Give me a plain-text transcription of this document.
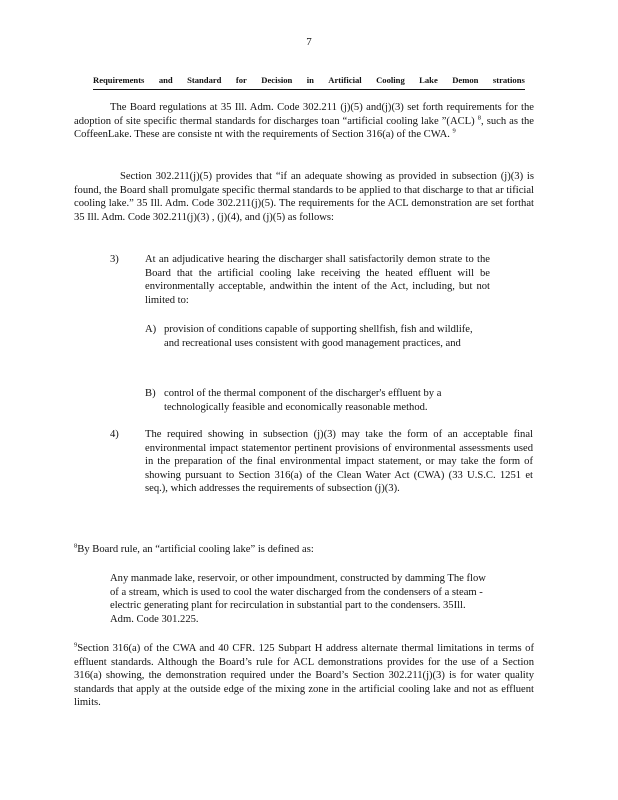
7
Requirements and Standard for Decision in Artificial Cooling Lake Demon strations
The Board regulations at 35 Ill. Adm. Code 302.211 (j)(5) and(j)(3) set forth requirements for the adoption of site specific thermal standards for discharges toan “artificial cooling lake ”(ACL) $^8$, such as the CoffeenLake. These are consiste nt with the requirements of Section 316(a) of the CWA. $^9$
Section 302.211(j)(5) provides that “if an adequate showing as provided in subsection (j)(3) is found, the Board shall promulgate specific thermal standards to be applied to that discharge to that ar tificial cooling lake.” 35 Ill. Adm. Code 302.211(j)(5). The requirements for the ACL demonstration are set forthat 35 Ill. Adm. Code 302.211(j)(3) , (j)(4), and (j)(5) as follows:
3) At an adjudicative hearing the discharger shall satisfactorily demon strate to the Board that the artificial cooling lake receiving the heated effluent will be environmentally acceptable, andwithin the intent of the Act, including, but not limited to:
A) provision of conditions capable of supporting shellfish, fish and wildlife, and recreational uses consistent with good management practices, and
B) control of the thermal component of the discharger's effluent by a technologically feasible and economically reasonable method.
4) The required showing in subsection (j)(3) may take the form of an acceptable final environmental impact statementor pertinent provisions of environmental assessments used in the preparation of the final environmental impact statement, or may take the form of showing pursuant to Section 316(a) of the Clean Water Act (CWA) (33 U.S.C. 1251 et seq.), which addresses the requirements of subsection (j)(3).
$^8$By Board rule, an “artificial cooling lake” is defined as:
Any manmade lake, reservoir, or other impoundment, constructed by damming The flow of a stream, which is used to cool the water discharged from the condensers of a steam -electric generating plant for recirculation in substantial part to the condensers. 35Ill. Adm. Code 301.225.
$^9$Section 316(a) of the CWA and 40 CFR. 125 Subpart H address alternate thermal limitations in terms of effluent standards. Although the Board’s rule for ACL demonstrations provides for the use of a Section 316(a) showing, the demonstration required under the Board’s Section 302.211(j)(3) is for water quality standards that apply at the outside edge of the mixing zone in the artificial cooling lake and not as effluent limits.
